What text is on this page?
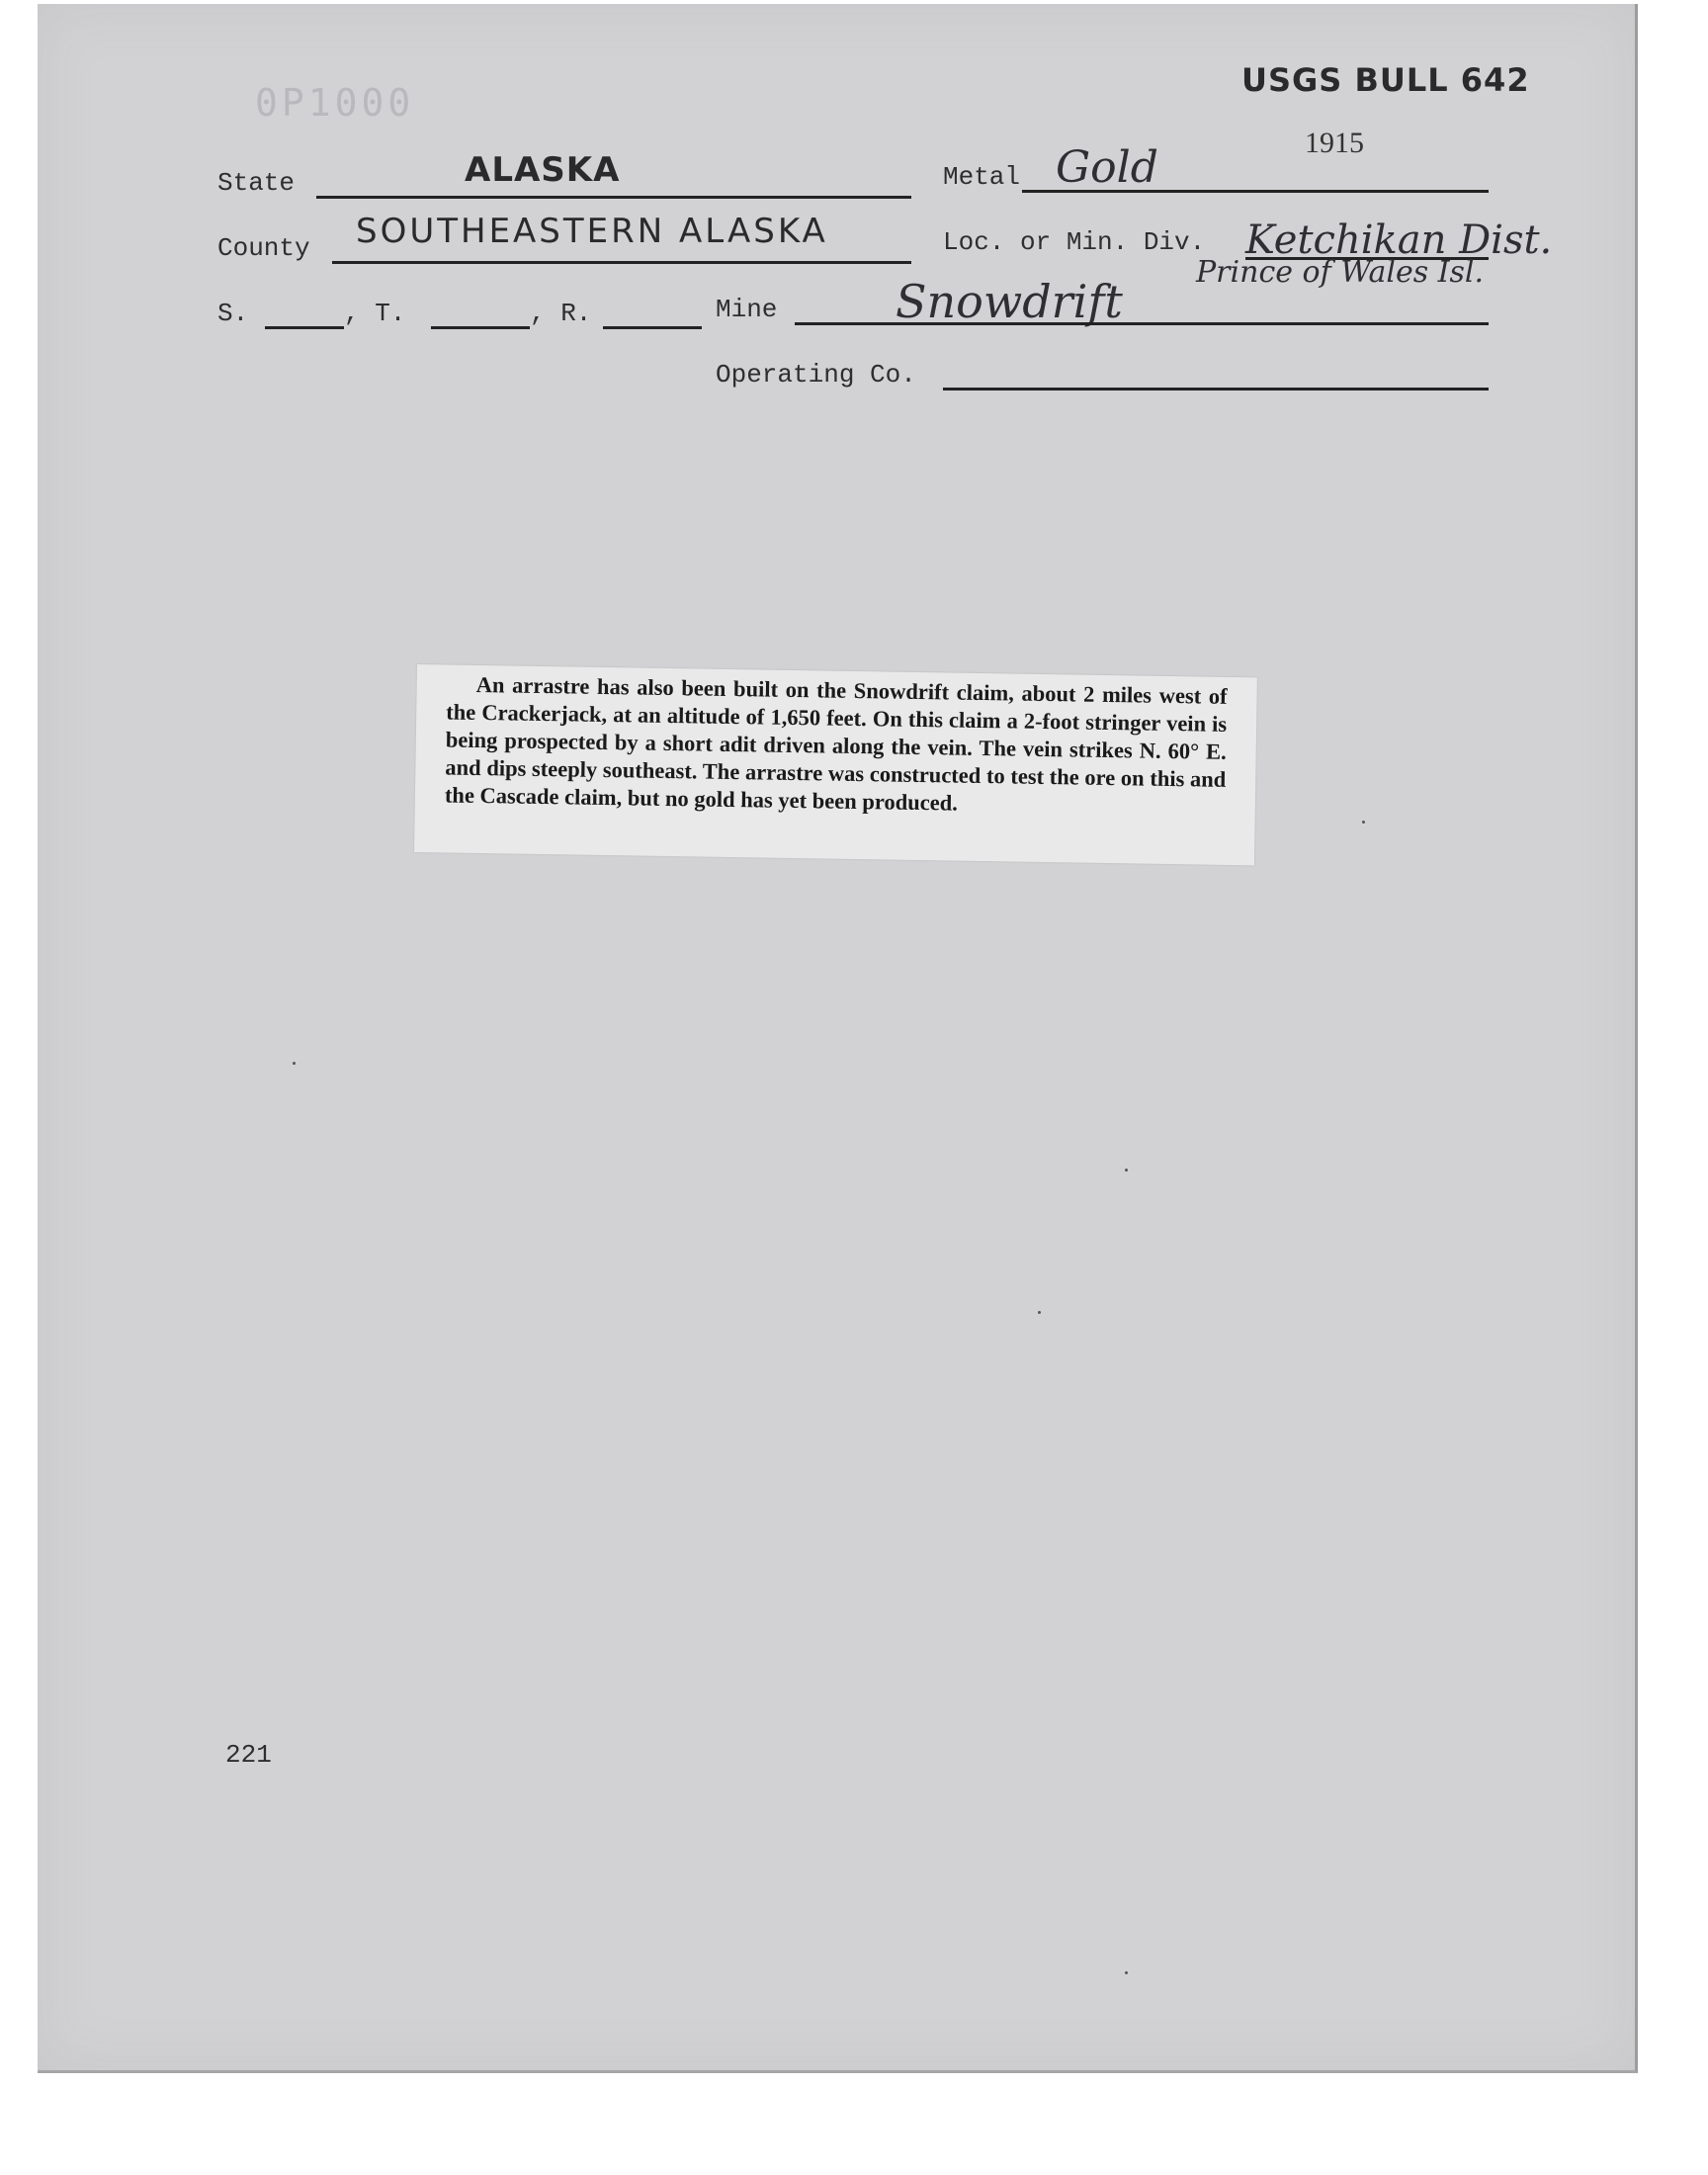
0P1000
USGS BULL 642
1915
State	ALASKA	Metal Gold
County SOUTHEASTERN ALASKA	Loc. or Min. Div. Ketchikan Dist.
Prince of Wales Isl.
S.	, T.	, R.	Mine	Snowdrift
Operating Co.
221

An arrastre has also been built on the Snowdrift claim, about 2 miles west of the Crackerjack, at an altitude of 1,650 feet. On this claim a 2-foot stringer vein is being prospected by a short adit driven along the vein. The vein strikes N. 60° E. and dips steeply southeast. The arrastre was constructed to test the ore on this and the Cascade claim, but no gold has yet been produced.
